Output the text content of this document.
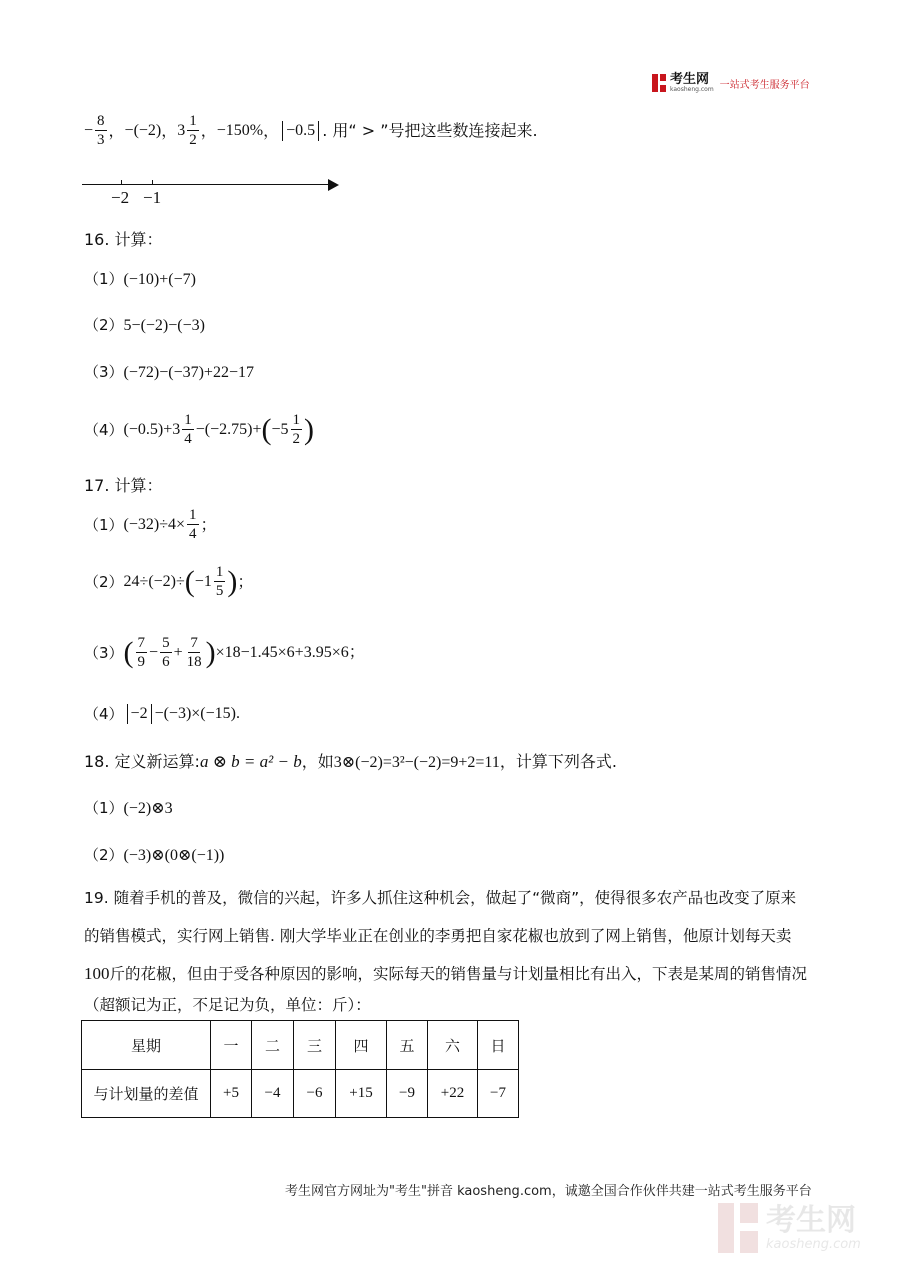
考生网
kaosheng.com 一站式考生服务平台
− $\frac{8}{3}$ ， −(−2) ， $3 \frac{1}{2}$ ， −150% ， −0.5 . 用“ > ”号把这些数连接起来.
−2 −1
16. 计算：
（1）(−10)+(−7)
（2）5−(−2)−(−3)
（3）(−72)−(−37)+22−17
（4） $(-0.5)+3 \frac{1}{4} -(-2.75)+$ ( $-5 \frac{1}{2}$ )
17. 计算：
（1） $(-32)\div 4\times \frac{1}{4}$ ；
（2） 24÷(−2)÷ ( $-1 \frac{1}{5}$ ) ；
（3） ( $\frac{7}{9} - \frac{5}{6} + \frac{7}{18}$ ) ×18−1.45×6+3.95×6；
（4） −2 −(−3)×(−15).
18. 定义新运算:a ⊗ b = a² − b，如3⊗(−2)=3²−(−2)=9+2=11，计算下列各式.
（1）(−2)⊗3
（2）(−3)⊗(0⊗(−1))
19. 随着手机的普及，微信的兴起，许多人抓住这种机会，做起了“微商”，使得很多农产品也改变了原来
的销售模式，实行网上销售. 刚大学毕业正在创业的李勇把自家花椒也放到了网上销售，他原计划每天卖
100斤的花椒，但由于受各种原因的影响，实际每天的销售量与计划量相比有出入，下表是某周的销售情况
（超额记为正，不足记为负，单位：斤）：
星期	一	二	三	四	五	六	日
与计划量的差值	+5	−4	−6	+15	−9	+22	−7
考生网官方网址为"考生"拼音 kaosheng.com，诚邀全国合作伙伴共建一站式考生服务平台
考生网
kaosheng.com
